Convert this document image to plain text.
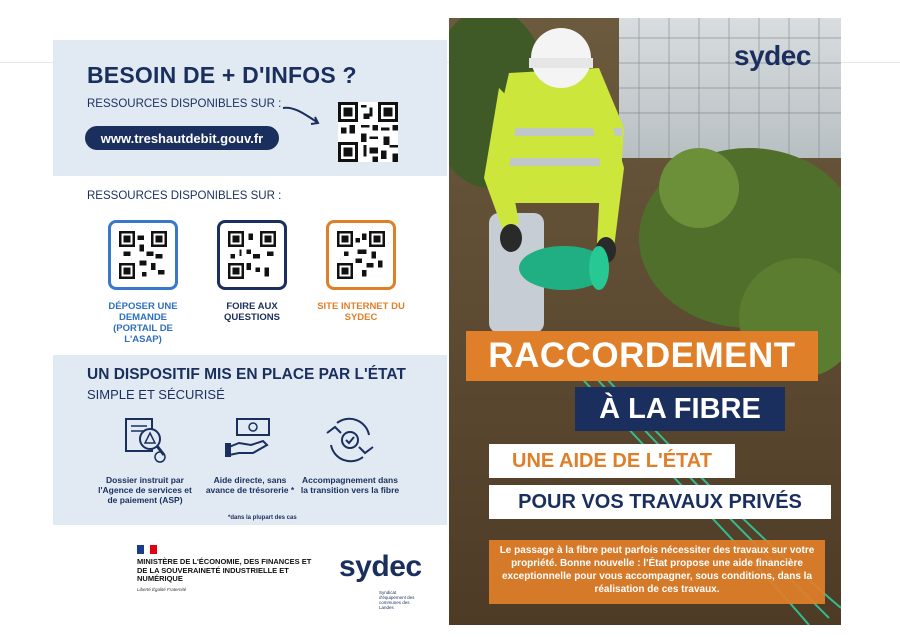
BESOIN DE + D'INFOS ?
RESSOURCES DISPONIBLES SUR :
www.treshautdebit.gouv.fr
RESSOURCES DISPONIBLES SUR :
DÉPOSER UNE DEMANDE (PORTAIL DE L'ASAP)
FOIRE AUX QUESTIONS
SITE INTERNET DU SYDEC
UN DISPOSITIF MIS EN PLACE PAR L'ÉTAT
SIMPLE ET SÉCURISÉ
Dossier instruit par l'Agence de services et de paiement (ASP)
Aide directe, sans avance de trésorerie *
Accompagnement dans la transition vers la fibre
*dans la plupart des cas
MINISTÈRE DE L'ÉCONOMIE, DES FINANCES ET DE LA SOUVERAINETÉ INDUSTRIELLE ET NUMÉRIQUE
Liberté Égalité Fraternité
sydec
Syndicat d'équipement des communes des Landes
sydec
RACCORDEMENT
À LA FIBRE
UNE AIDE DE L'ÉTAT
POUR VOS TRAVAUX PRIVÉS
Le passage à la fibre peut parfois nécessiter des travaux sur votre propriété. Bonne nouvelle : l'État propose une aide financière exceptionnelle pour vous accompagner, sous conditions, dans la réalisation de ces travaux.
